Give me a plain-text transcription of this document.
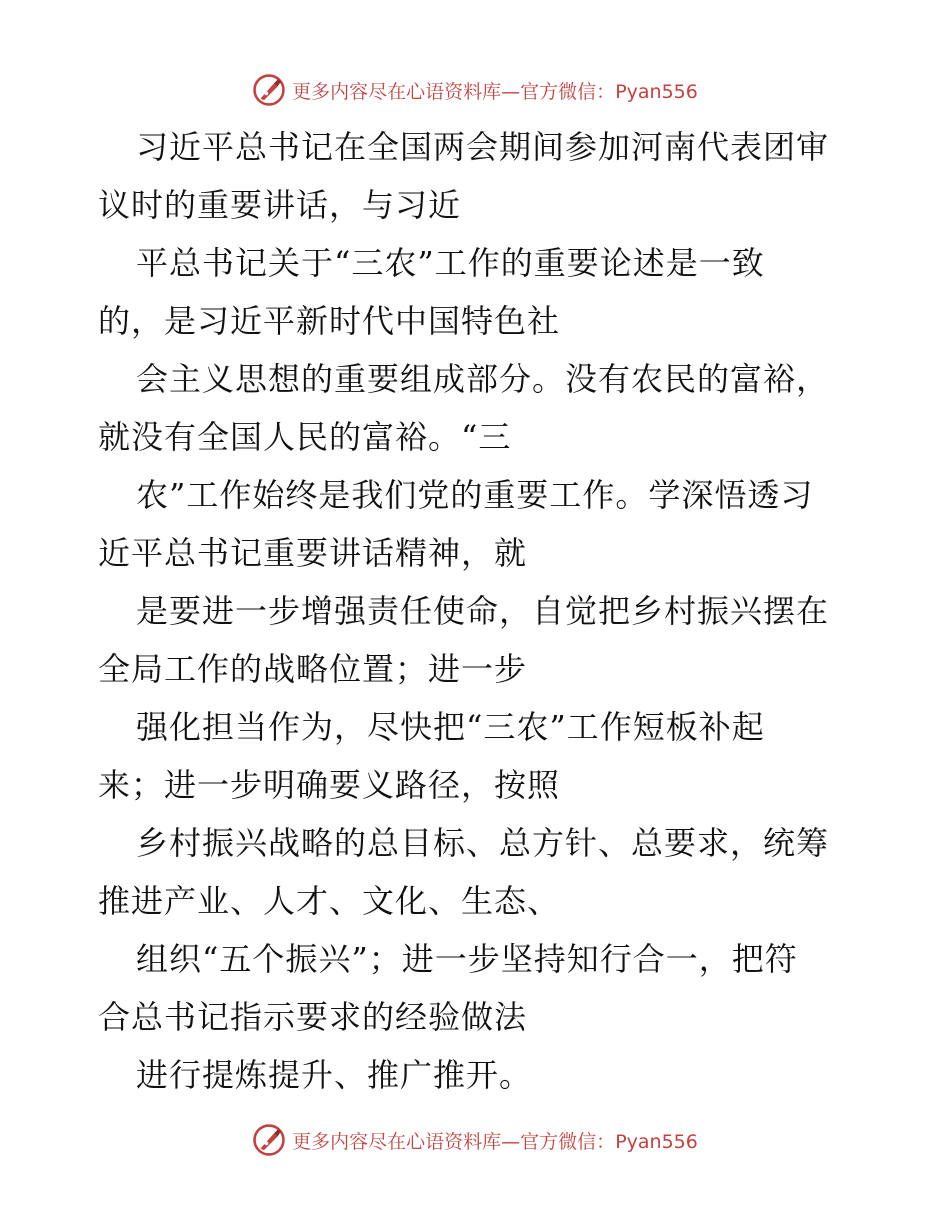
更多内容尽在心语资料库—官方微信：Pyan556

习近平总书记在全国两会期间参加河南代表团审
议时的重要讲话，与习近

平总书记关于“三农”工作的重要论述是一致
的，是习近平新时代中国特色社

会主义思想的重要组成部分。没有农民的富裕，
就没有全国人民的富裕。“三

农”工作始终是我们党的重要工作。学深悟透习
近平总书记重要讲话精神，就

是要进一步增强责任使命，自觉把乡村振兴摆在
全局工作的战略位置；进一步

强化担当作为，尽快把“三农”工作短板补起
来；进一步明确要义路径，按照

乡村振兴战略的总目标、总方针、总要求，统筹
推进产业、人才、文化、生态、

组织“五个振兴”；进一步坚持知行合一，把符
合总书记指示要求的经验做法

进行提炼提升、推广推开。

更多内容尽在心语资料库—官方微信：Pyan556
